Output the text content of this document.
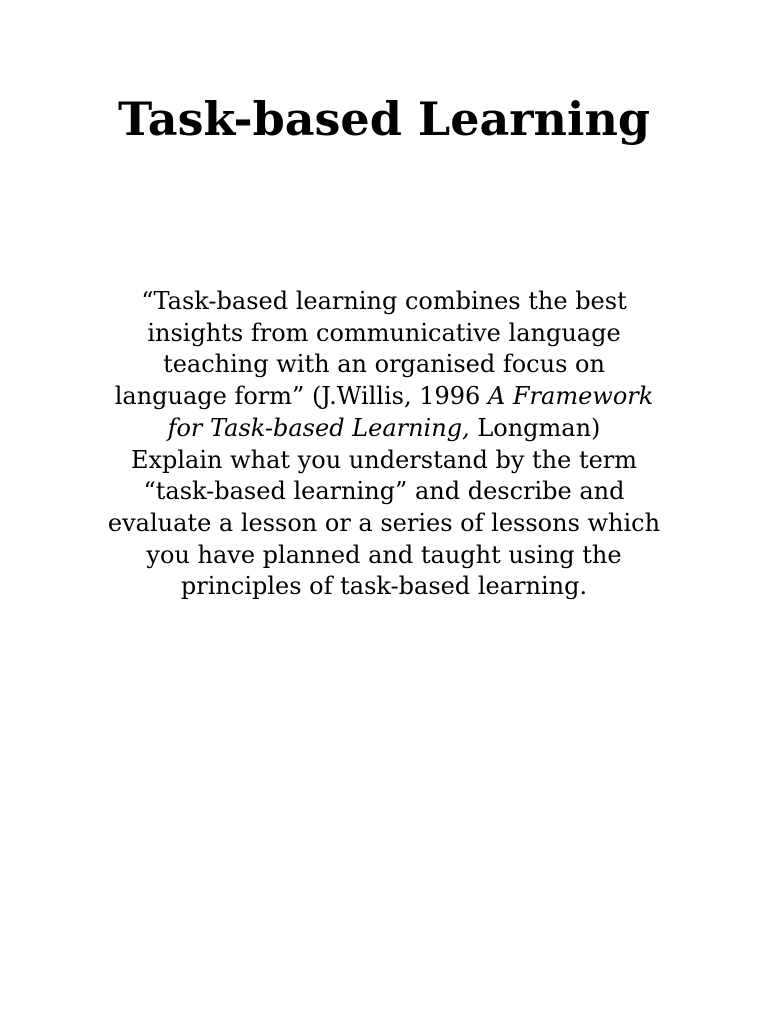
Task-based Learning

“Task-based learning combines the best insights from communicative language teaching with an organised focus on language form” (J.Willis, 1996 A Framework for Task-based Learning, Longman)

Explain what you understand by the term “task-based learning” and describe and evaluate a lesson or a series of lessons which you have planned and taught using the principles of task-based learning.
